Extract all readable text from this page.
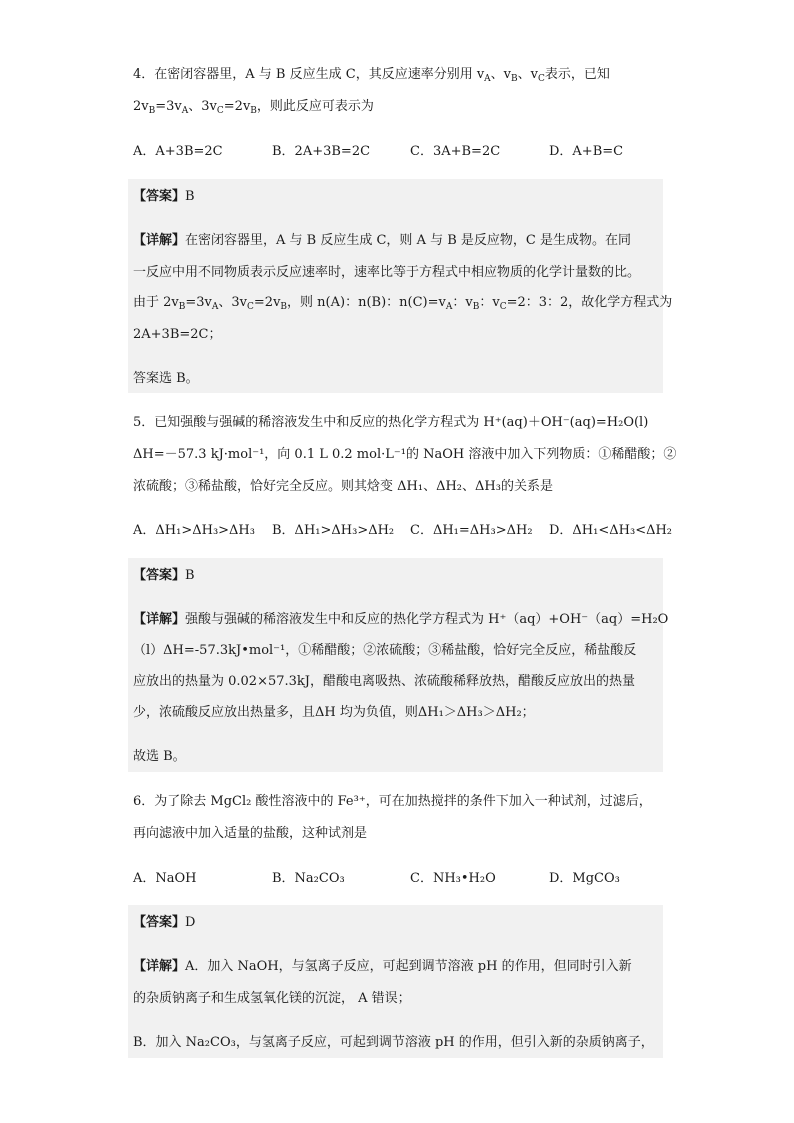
4．在密闭容器里，A 与 B 反应生成 C，其反应速率分别用 $v_A$、$v_B$、$v_C$表示，已知
$2v_B=3v_A$、$3v_C=2v_B$，则此反应可表示为
A．A+3B=2C	B．2A+3B=2C	C．3A+B=2C	D．A+B=C
【答案】B
【详解】在密闭容器里，A 与 B 反应生成 C，则 A 与 B 是反应物，C 是生成物。在同
一反应中用不同物质表示反应速率时，速率比等于方程式中相应物质的化学计量数的比。
由于 $2v_B=3v_A$、$3v_C=2v_B$，则 n(A)：n(B)：$n(C)=v_A$：$v_B$：$v_C=2$：3：2，故化学方程式为
2A+3B=2C；
答案选 B。
5．已知强酸与强碱的稀溶液发生中和反应的热化学方程式为 H⁺(aq)＋OH⁻(aq)=H₂O(l)
ΔH=－57.3 kJ·mol⁻¹，向 0.1 L 0.2 mol·L⁻¹的 NaOH 溶液中加入下列物质：①稀醋酸；②
浓硫酸；③稀盐酸，恰好完全反应。则其焓变 ΔH₁、ΔH₂、ΔH₃的关系是
A．ΔH₁>ΔH₃>ΔH₃ B．ΔH₁>ΔH₃>ΔH₂ C．ΔH₁=ΔH₃>ΔH₂ D．ΔH₁<ΔH₃<ΔH₂
【答案】B
【详解】强酸与强碱的稀溶液发生中和反应的热化学方程式为 H⁺（aq）+OH⁻（aq）=H₂O
（l）ΔH=-57.3kJ•mol⁻¹，①稀醋酸；②浓硫酸；③稀盐酸，恰好完全反应，稀盐酸反
应放出的热量为 0.02×57.3kJ，醋酸电离吸热、浓硫酸稀释放热，醋酸反应放出的热量
少，浓硫酸反应放出热量多，且ΔH 均为负值，则ΔH₁＞ΔH₃＞ΔH₂；
故选 B。
6．为了除去 MgCl₂ 酸性溶液中的 Fe³⁺，可在加热搅拌的条件下加入一种试剂，过滤后，
再向滤液中加入适量的盐酸，这种试剂是
A．NaOH	B．Na₂CO₃	C．NH₃•H₂O	D．MgCO₃
【答案】D
【详解】A．加入 NaOH，与氢离子反应，可起到调节溶液 pH 的作用，但同时引入新
的杂质钠离子和生成氢氧化镁的沉淀， A 错误；
B．加入 Na₂CO₃，与氢离子反应，可起到调节溶液 pH 的作用，但引入新的杂质钠离子，
